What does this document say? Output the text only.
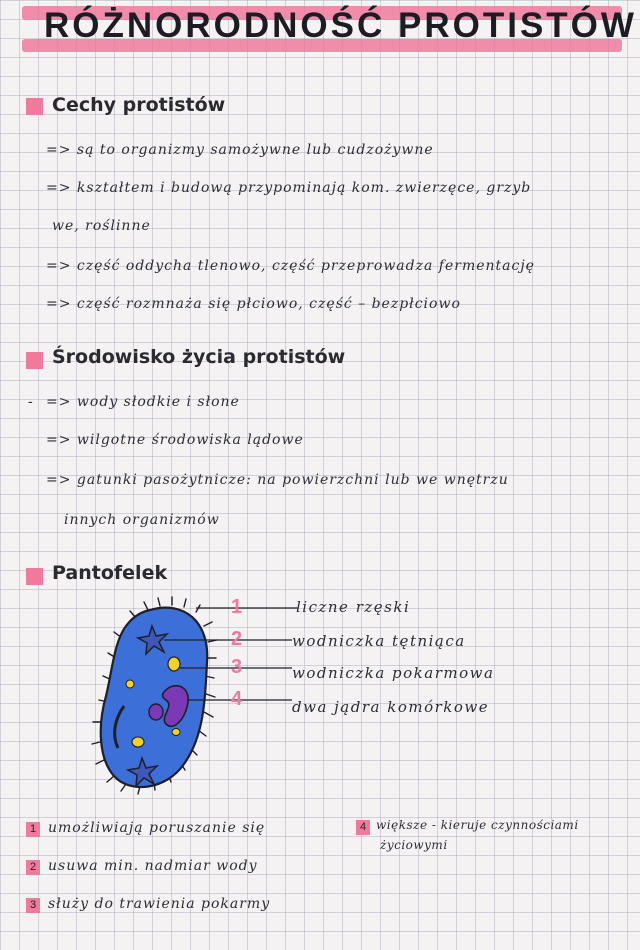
RÓŻNORODNOŚĆ PROTISTÓW
Cechy protistów
=> są to organizmy samożywne lub cudzożywne
=> kształtem i budową przypominają kom. zwierzęce, grzyb
we, roślinne
=> część oddycha tlenowo, część przeprowadza fermentację
=> część rozmnaża się płciowo, część – bezpłciowo
Środowisko życia protistów
- => wody słodkie i słone
=> wilgotne środowiska lądowe
=> gatunki pasożytnicze: na powierzchni lub we wnętrzu
innych organizmów
Pantofelek
1
2
3
4
liczne rzęski
wodniczka tętniąca
wodniczka pokarmowa
dwa jądra komórkowe
1 umożliwiają poruszanie się
2 usuwa min. nadmiar wody
3 służy do trawienia pokarmy
4 większe - kieruje czynnościami
życiowymi
